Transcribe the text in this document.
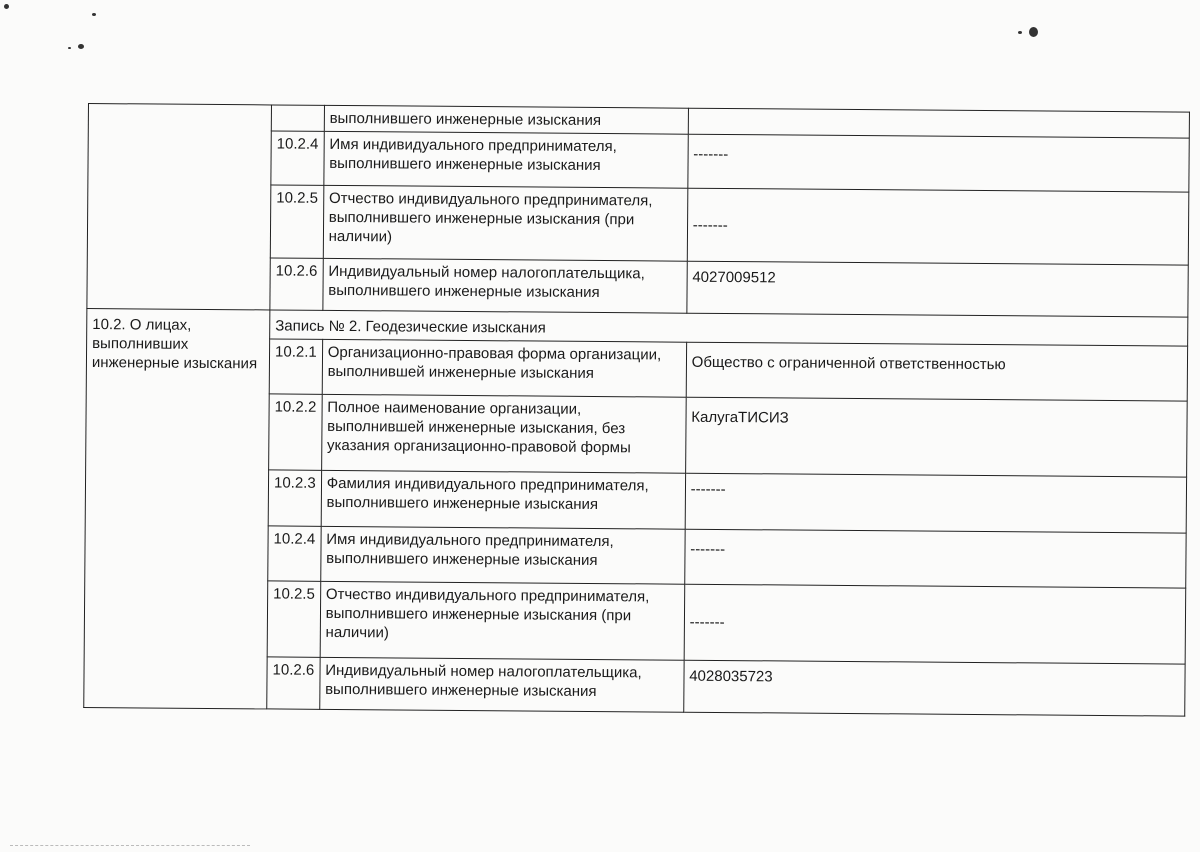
		выполнившего инженерные изыскания	
	10.2.4	Имя индивидуального предпринимателя, выполнившего инженерные изыскания	-------
	10.2.5	Отчество индивидуального предпринимателя, выполнившего инженерные изыскания (при наличии)	-------
	10.2.6	Индивидуальный номер налогоплательщика, выполнившего инженерные изыскания	4027009512
10.2. О лицах, выполнивших инженерные изыскания	Запись № 2. Геодезические изыскания		
	10.2.1	Организационно-правовая форма организации, выполнившей инженерные изыскания	Общество с ограниченной ответственностью
	10.2.2	Полное наименование организации, выполнившей инженерные изыскания, без указания организационно-правовой формы	КалугаТИСИЗ
	10.2.3	Фамилия индивидуального предпринимателя, выполнившего инженерные изыскания	-------
	10.2.4	Имя индивидуального предпринимателя, выполнившего инженерные изыскания	-------
	10.2.5	Отчество индивидуального предпринимателя, выполнившего инженерные изыскания (при наличии)	-------
	10.2.6	Индивидуальный номер налогоплательщика, выполнившего инженерные изыскания	4028035723
